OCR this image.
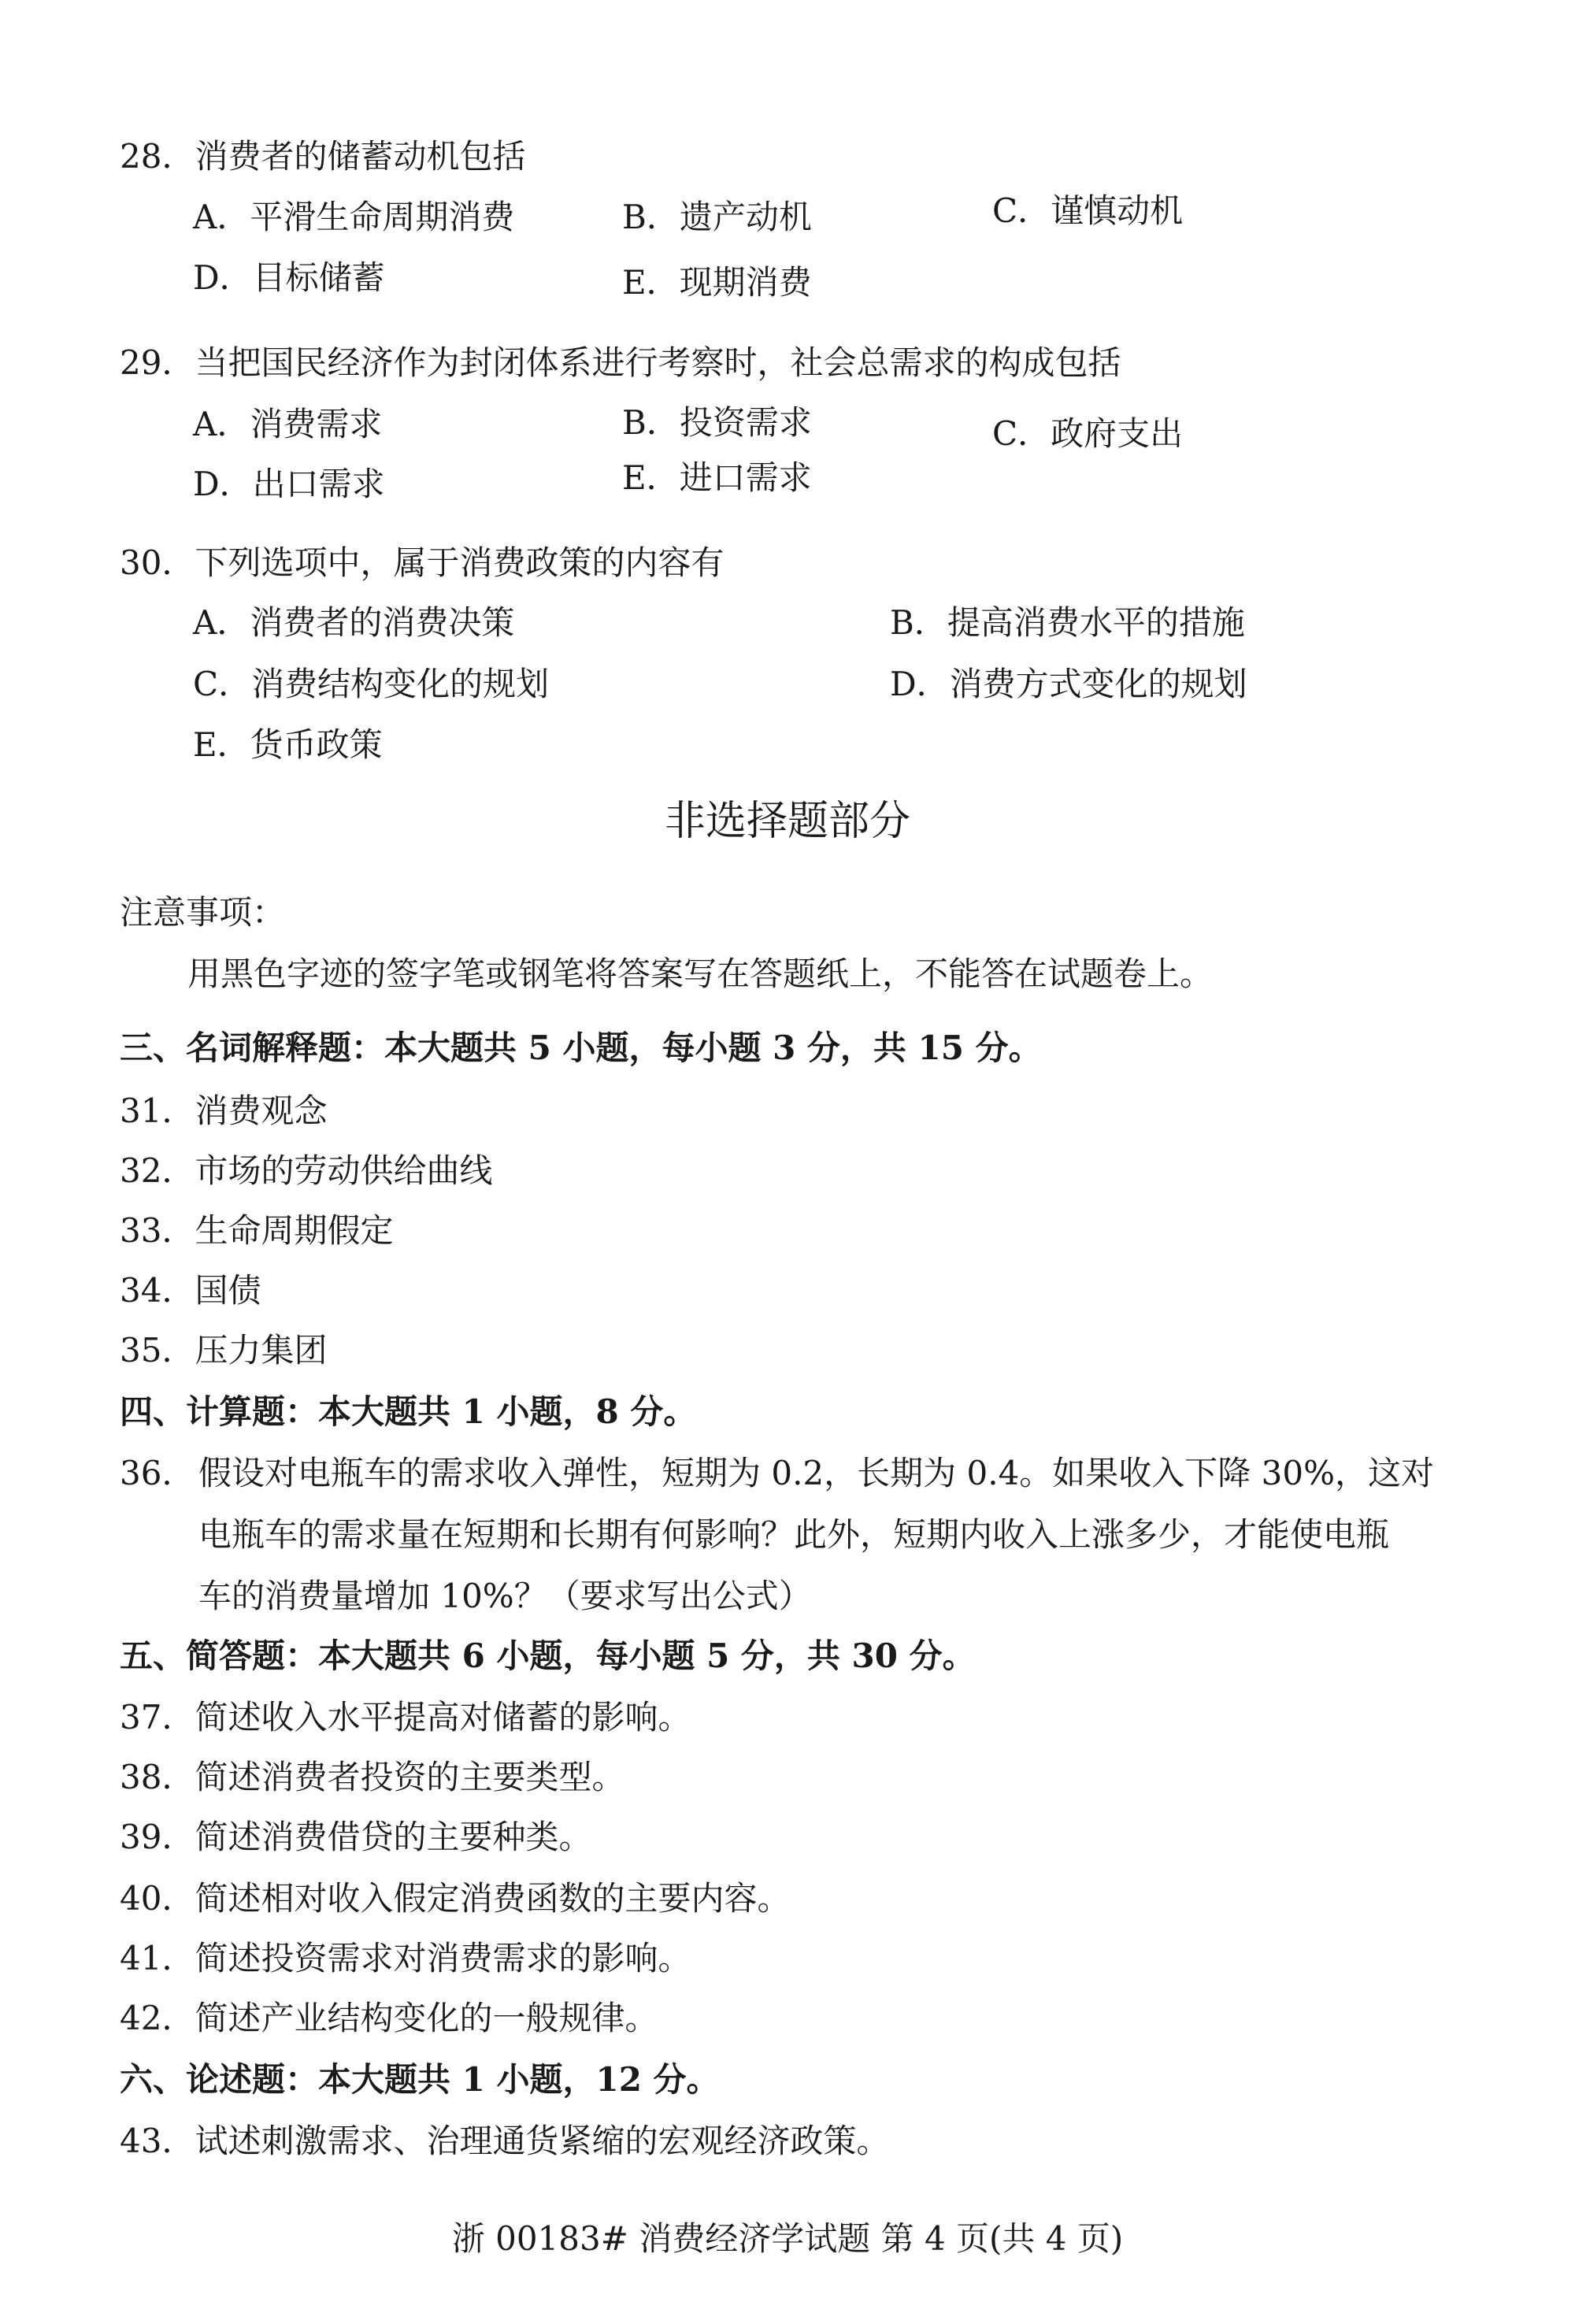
28．消费者的储蓄动机包括
A．平滑生命周期消费	B．遗产动机	C．谨慎动机
D．目标储蓄	E．现期消费
29．当把国民经济作为封闭体系进行考察时，社会总需求的构成包括
A．消费需求	B．投资需求	C．政府支出
D．出口需求	E．进口需求
30．下列选项中，属于消费政策的内容有
A．消费者的消费决策	B．提高消费水平的措施
C．消费结构变化的规划	D．消费方式变化的规划
E．货币政策
非选择题部分
注意事项：
用黑色字迹的签字笔或钢笔将答案写在答题纸上，不能答在试题卷上。
三、名词解释题：本大题共 5 小题，每小题 3 分，共 15 分。
31．消费观念
32．市场的劳动供给曲线
33．生命周期假定
34．国债
35．压力集团
四、计算题：本大题共 1 小题，8 分。
36． 假设对电瓶车的需求收入弹性，短期为 0.2，长期为 0.4。如果收入下降 30%，这对
电瓶车的需求量在短期和长期有何影响？此外，短期内收入上涨多少，才能使电瓶
车的消费量增加 10%？（要求写出公式）
五、简答题：本大题共 6 小题，每小题 5 分，共 30 分。
37．简述收入水平提高对储蓄的影响。
38．简述消费者投资的主要类型。
39．简述消费借贷的主要种类。
40．简述相对收入假定消费函数的主要内容。
41．简述投资需求对消费需求的影响。
42．简述产业结构变化的一般规律。
六、论述题：本大题共 1 小题，12 分。
43．试述刺激需求、治理通货紧缩的宏观经济政策。
浙 00183# 消费经济学试题 第 4 页(共 4 页)
